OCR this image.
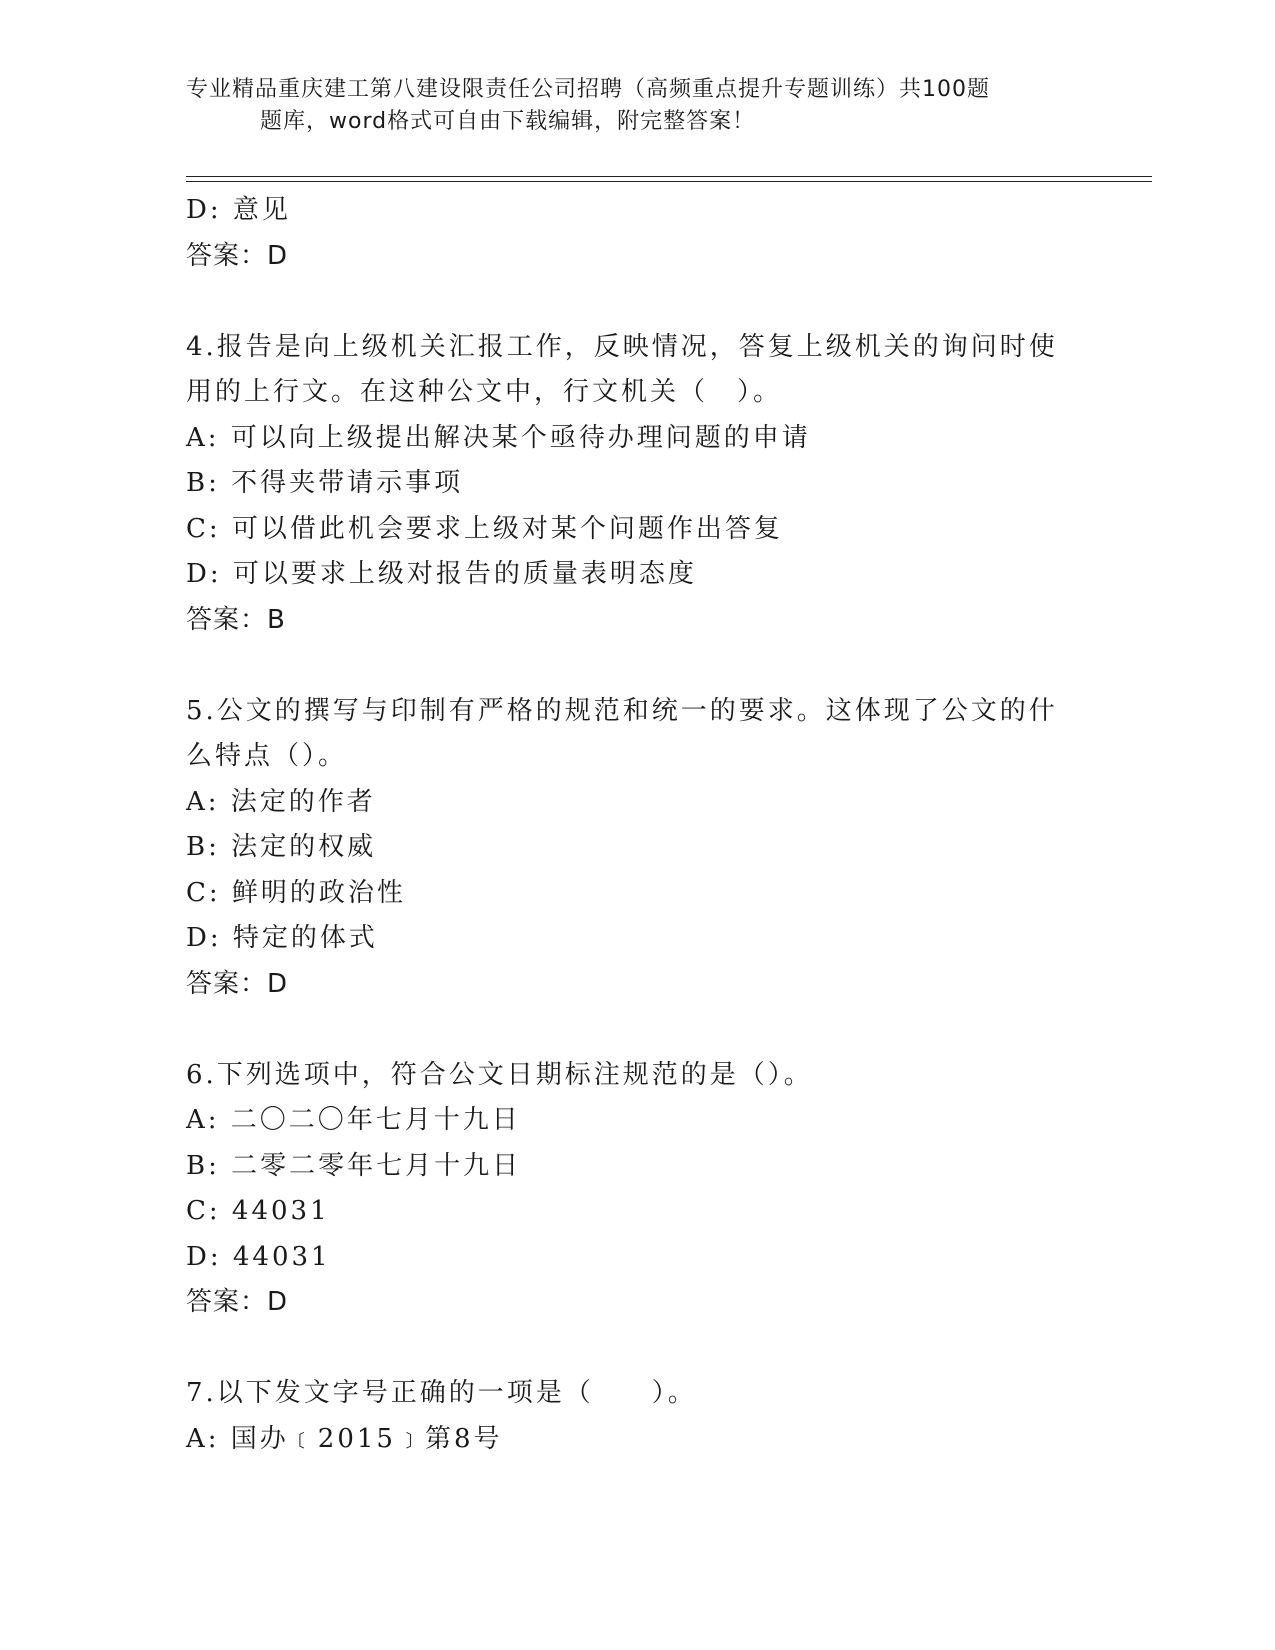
专业精品重庆建工第八建设限责任公司招聘（高频重点提升专题训练）共100题
题库，word格式可自由下载编辑，附完整答案！
D: 意见
答案：D
4.报告是向上级机关汇报工作，反映情况，答复上级机关的询问时使
用的上行文。在这种公文中，行文机关（　）。
A: 可以向上级提出解决某个亟待办理问题的申请
B: 不得夹带请示事项
C: 可以借此机会要求上级对某个问题作出答复
D: 可以要求上级对报告的质量表明态度
答案：B
5.公文的撰写与印制有严格的规范和统一的要求。这体现了公文的什
么特点（）。
A: 法定的作者
B: 法定的权威
C: 鲜明的政治性
D: 特定的体式
答案：D
6.下列选项中，符合公文日期标注规范的是（）。
A: 二〇二〇年七月十九日
B: 二零二零年七月十九日
C: 44031
D: 44031
答案：D
7.以下发文字号正确的一项是（　　）。
A: 国办﹝2015﹞第8号
